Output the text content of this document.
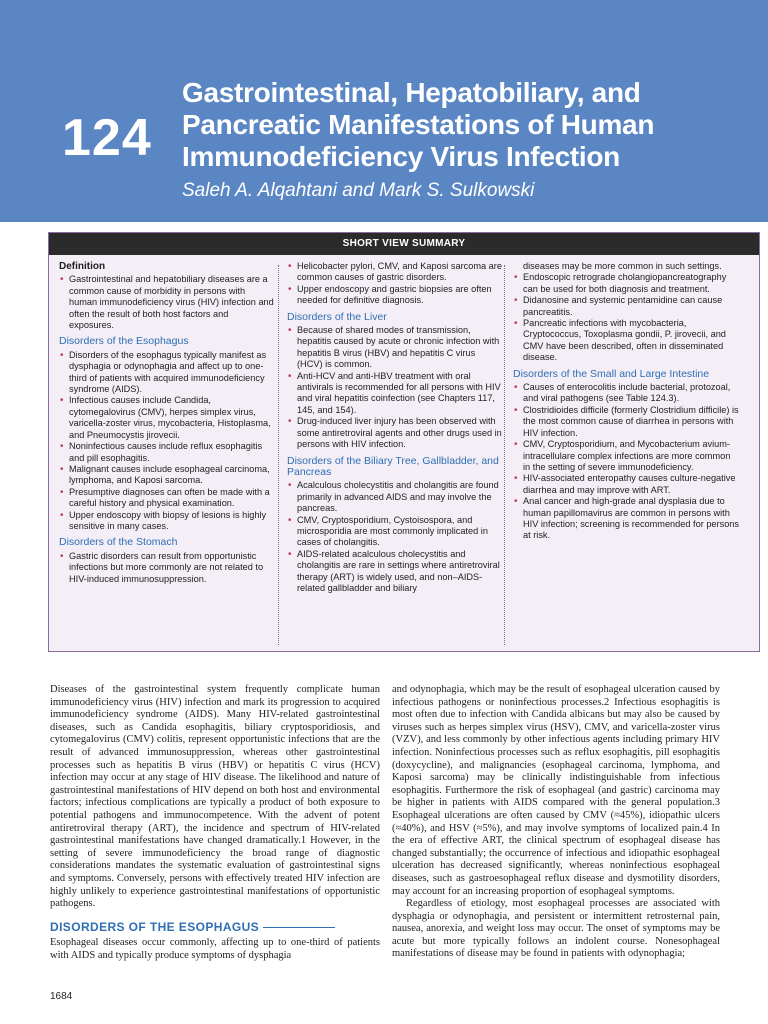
124
Gastrointestinal, Hepatobiliary, and
Pancreatic Manifestations of Human
Immunodeficiency Virus Infection
Saleh A. Alqahtani and Mark S. Sulkowski
SHORT VIEW SUMMARY
Definition
• Gastrointestinal and hepatobiliary diseases are a common cause of morbidity in persons with human immunodeficiency virus (HIV) infection and often the result of both host factors and exposures.
Disorders of the Esophagus
• Disorders of the esophagus typically manifest as dysphagia or odynophagia and affect up to one-third of patients with acquired immunodeficiency syndrome (AIDS).
• Infectious causes include Candida, cytomegalovirus (CMV), herpes simplex virus, varicella-zoster virus, mycobacteria, Histoplasma, and Pneumocystis jirovecii.
• Noninfectious causes include reflux esophagitis and pill esophagitis.
• Malignant causes include esophageal carcinoma, lymphoma, and Kaposi sarcoma.
• Presumptive diagnoses can often be made with a careful history and physical examination.
• Upper endoscopy with biopsy of lesions is highly sensitive in many cases.
Disorders of the Stomach
• Gastric disorders can result from opportunistic infections but more commonly are not related to HIV-induced immunosuppression.
• Helicobacter pylori, CMV, and Kaposi sarcoma are common causes of gastric disorders.
• Upper endoscopy and gastric biopsies are often needed for definitive diagnosis.
Disorders of the Liver
• Because of shared modes of transmission, hepatitis caused by acute or chronic infection with hepatitis B virus (HBV) and hepatitis C virus (HCV) is common.
• Anti-HCV and anti-HBV treatment with oral antivirals is recommended for all persons with HIV and viral hepatitis coinfection (see Chapters 117, 145, and 154).
• Drug-induced liver injury has been observed with some antiretroviral agents and other drugs used in persons with HIV infection.
Disorders of the Biliary Tree, Gallbladder, and Pancreas
• Acalculous cholecystitis and cholangitis are found primarily in advanced AIDS and may involve the pancreas.
• CMV, Cryptosporidium, Cystoisospora, and microsporidia are most commonly implicated in cases of cholangitis.
• AIDS-related acalculous cholecystitis and cholangitis are rare in settings where antiretroviral therapy (ART) is widely used, and non–AIDS-related gallbladder and biliary
diseases may be more common in such settings.
• Endoscopic retrograde cholangiopancreatography can be used for both diagnosis and treatment.
• Didanosine and systemic pentamidine can cause pancreatitis.
• Pancreatic infections with mycobacteria, Cryptococcus, Toxoplasma gondii, P. jirovecii, and CMV have been described, often in disseminated disease.
Disorders of the Small and Large Intestine
• Causes of enterocolitis include bacterial, protozoal, and viral pathogens (see Table 124.3).
• Clostridioides difficile (formerly Clostridium difficile) is the most common cause of diarrhea in persons with HIV infection.
• CMV, Cryptosporidium, and Mycobacterium avium-intracellulare complex infections are more common in the setting of severe immunodeficiency.
• HIV-associated enteropathy causes culture-negative diarrhea and may improve with ART.
• Anal cancer and high-grade anal dysplasia due to human papillomavirus are common in persons with HIV infection; screening is recommended for persons at risk.

Diseases of the gastrointestinal system frequently complicate human immunodeficiency virus (HIV) infection and mark its progression to acquired immunodeficiency syndrome (AIDS). Many HIV-related gastrointestinal diseases, such as Candida esophagitis, biliary cryptosporidiosis, and cytomegalovirus (CMV) colitis, represent opportunistic infections that are the result of advanced immunosuppression, whereas other gastrointestinal processes such as hepatitis B virus (HBV) or hepatitis C virus (HCV) infection may occur at any stage of HIV disease. The likelihood and nature of gastrointestinal manifestations of HIV depend on both host and environmental factors; infectious complications are typically a product of both exposure to potential pathogens and immunocompetence. With the advent of potent antiretroviral therapy (ART), the incidence and spectrum of HIV-related gastrointestinal manifestations have changed dramatically.1 However, in the setting of severe immunodeficiency the broad range of diagnostic considerations mandates the systematic evaluation of gastrointestinal signs and symptoms. Conversely, persons with effectively treated HIV infection are highly unlikely to experience gastrointestinal manifestations of opportunistic pathogens.

DISORDERS OF THE ESOPHAGUS

Esophageal diseases occur commonly, affecting up to one-third of patients with AIDS and typically produce symptoms of dysphagia

and odynophagia, which may be the result of esophageal ulceration caused by infectious pathogens or noninfectious processes.2 Infectious esophagitis is most often due to infection with Candida albicans but may also be caused by viruses such as herpes simplex virus (HSV), CMV, and varicella-zoster virus (VZV), and less commonly by other infectious agents including primary HIV infection. Noninfectious processes such as reflux esophagitis, pill esophagitis (doxycycline), and malignancies (esophageal carcinoma, lymphoma, and Kaposi sarcoma) may be clinically indistinguishable from infectious esophagitis. Furthermore the risk of esophageal (and gastric) carcinoma may be higher in patients with AIDS compared with the general population.3 Esophageal ulcerations are often caused by CMV (≈45%), idiopathic ulcers (≈40%), and HSV (≈5%), and may involve symptoms of localized pain.4 In the era of effective ART, the clinical spectrum of esophageal disease has changed substantially; the occurrence of infectious and idiopathic esophageal ulceration has decreased significantly, whereas noninfectious esophageal diseases, such as gastroesophageal reflux disease and dysmotility disorders, may account for an increasing proportion of esophageal symptoms.

Regardless of etiology, most esophageal processes are associated with dysphagia or odynophagia, and persistent or intermittent retrosternal pain, nausea, anorexia, and weight loss may occur. The onset of symptoms may be acute but more typically follows an indolent course. Nonesophageal manifestations of disease may be found in patients with odynophagia;

1684
